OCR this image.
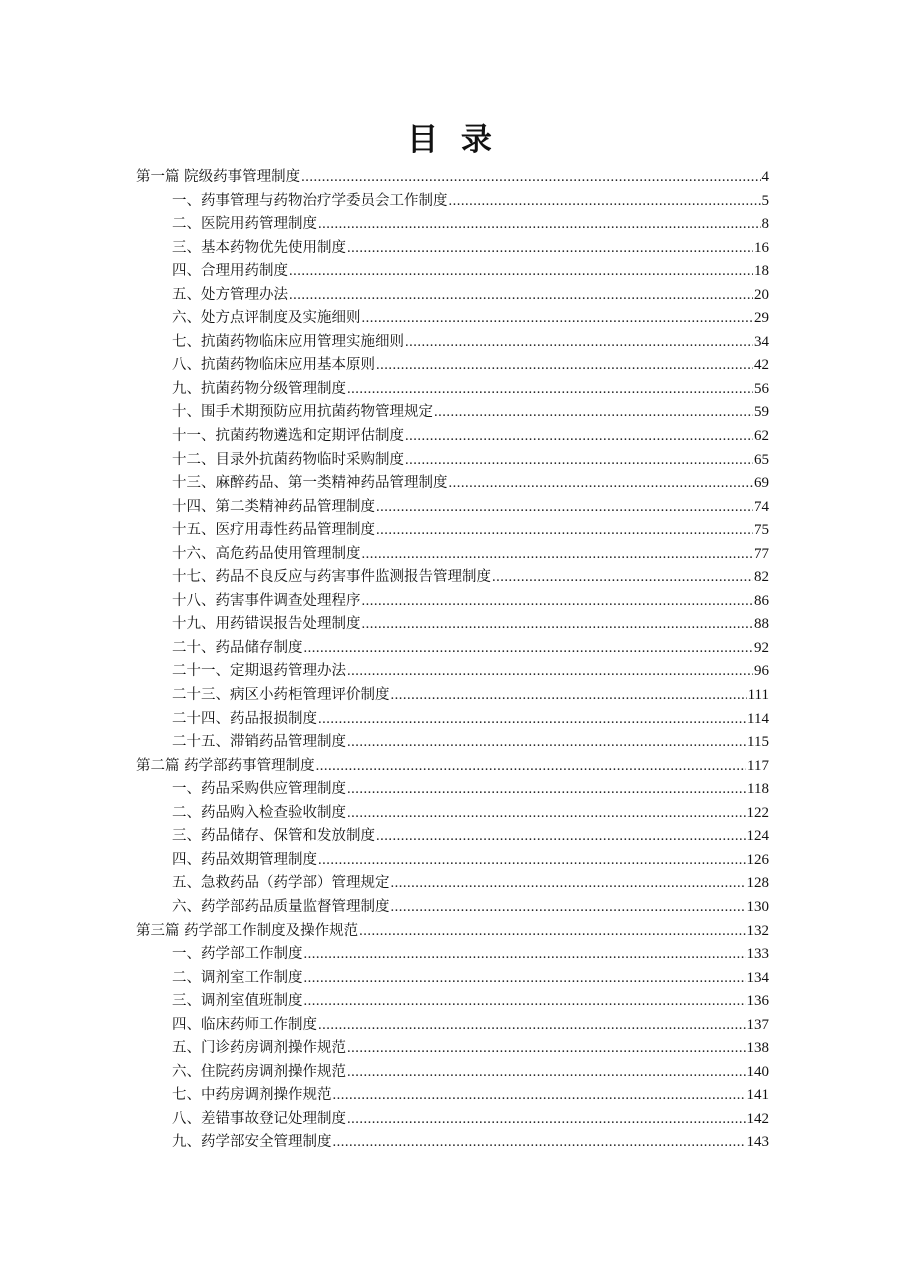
目 录
第一篇 院级药事管理制度 .....	4
一、药事管理与药物治疗学委员会工作制度 .....	5
二、医院用药管理制度 .....	8
三、基本药物优先使用制度 .....	16
四、合理用药制度 .....	18
五、处方管理办法 .....	20
六、处方点评制度及实施细则 .....	29
七、抗菌药物临床应用管理实施细则 .....	34
八、抗菌药物临床应用基本原则 .....	42
九、抗菌药物分级管理制度 .....	56
十、围手术期预防应用抗菌药物管理规定 .....	59
十一、抗菌药物遴选和定期评估制度 .....	62
十二、目录外抗菌药物临时采购制度 .....	65
十三、麻醉药品、第一类精神药品管理制度 .....	69
十四、第二类精神药品管理制度 .....	74
十五、医疗用毒性药品管理制度 .....	75
十六、高危药品使用管理制度 .....	77
十七、药品不良反应与药害事件监测报告管理制度 .....	82
十八、药害事件调查处理程序 .....	86
十九、用药错误报告处理制度 .....	88
二十、药品储存制度 .....	92
二十一、定期退药管理办法 .....	96
二十三、病区小药柜管理评价制度 .....	111
二十四、药品报损制度 .....	114
二十五、滞销药品管理制度 .....	115
第二篇 药学部药事管理制度 .....	117
一、药品采购供应管理制度 .....	118
二、药品购入检查验收制度 .....	122
三、药品储存、保管和发放制度 .....	124
四、药品效期管理制度 .....	126
五、急救药品（药学部）管理规定 .....	128
六、药学部药品质量监督管理制度 .....	130
第三篇 药学部工作制度及操作规范 .....	132
一、药学部工作制度 .....	133
二、调剂室工作制度 .....	134
三、调剂室值班制度 .....	136
四、临床药师工作制度 .....	137
五、门诊药房调剂操作规范 .....	138
六、住院药房调剂操作规范 .....	140
七、中药房调剂操作规范 .....	141
八、差错事故登记处理制度 .....	142
九、药学部安全管理制度 .....	143
